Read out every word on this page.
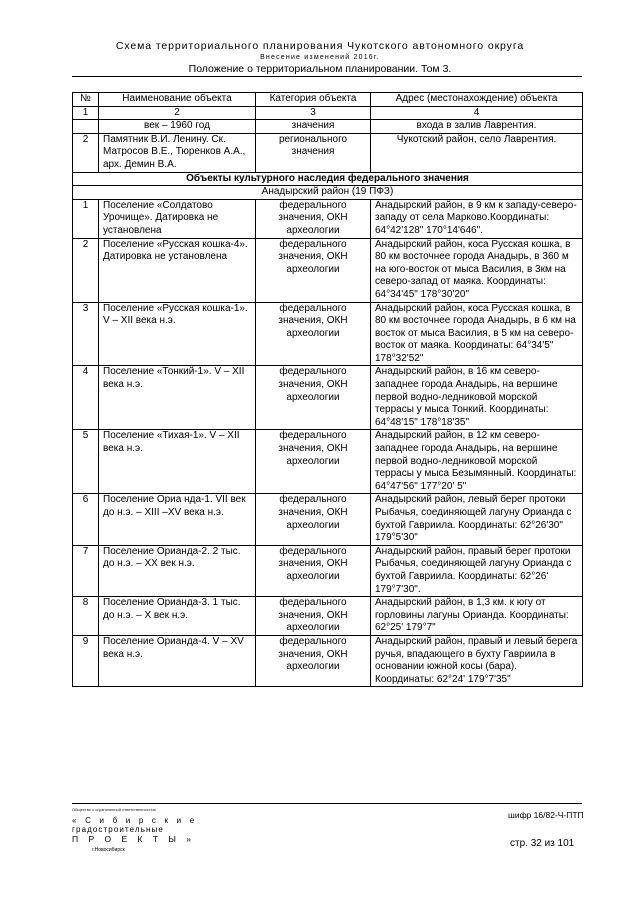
Схема территориального планирования Чукотского автономного округа
Внесение изменений 2016г.
Положение о территориальном планировании. Том 3.
№	Наименование объекта	Категория объекта	Адрес (местонахождение) объекта
1	2	3	4
	век – 1960 год	значения	входа в залив Лаврентия.
2	Памятник В.И. Ленину. Ск. Матросов В.Е., Тюренков А.А., арх. Демин В.А.	регионального значения	Чукотский район, село Лаврентия.
Объекты культурного наследия федерального значения			
Анадырский район (19 ПФЗ)			
1	Поселение «Солдатово Урочище». Датировка не установлена	федерального значения, ОКН археологии	Анадырский район, в 9 км к западу-северо-западу от села Марково.Координаты: 64°42'128" 170°14'646".
2	Поселение «Русская кошка-4». Датировка не установлена	федерального значения, ОКН археологии	Анадырский район, коса Русская кошка, в 80 км восточнее города Анадырь, в 360 м на юго-восток от мыса Василия, в 3км на северо-запад от маяка. Координаты: 64°34'45" 178°30'20"
3	Поселение «Русская кошка-1». V – XII века н.э.	федерального значения, ОКН археологии	Анадырский район, коса Русская кошка, в 80 км восточнее города Анадырь, в 6 км на восток от мыса Василия, в 5 км на северо-восток от маяка. Координаты: 64°34'5" 178°32'52"
4	Поселение «Тонкий-1». V – XII века н.э.	федерального значения, ОКН археологии	Анадырский район, в 16 км северо-западнее города Анадырь, на вершине первой водно-ледниковой морской террасы у мыса Тонкий. Координаты: 64°48'15" 178°18'35"
5	Поселение «Тихая-1». V – XII века н.э.	федерального значения, ОКН археологии	Анадырский район, в 12 км северо-западнее города Анадырь, на вершине первой водно-ледниковой морской террасы у мыса Безымянный. Координаты: 64°47'56" 177°20' 5"
6	Поселение Ориа нда-1. VII век до н.э. – XIII –XV века н.э.	федерального значения, ОКН археологии	Анадырский район, левый берег протоки Рыбачья, соединяющей лагуну Орианда с бухтой Гавриила. Координаты: 62°26'30" 179°5'30"
7	Поселение Орианда-2. 2 тыс. до н.э. – XX век н.э.	федерального значения, ОКН археологии	Анадырский район, правый берег протоки Рыбачья, соединяющей лагуну Орианда с бухтой Гавриила. Координаты: 62°26' 179°7'30".
8	Поселение Орианда-3. 1 тыс. до н.э. – X век н.э.	федерального значения, ОКН археологии	Анадырский район, в 1,3 км. к югу от горловины лагуны Орианда. Координаты: 62°25' 179°7"
9	Поселение Орианда-4. V – XV века н.э.	федерального значения, ОКН археологии	Анадырский район, правый и левый берега ручья, впадающего в бухту Гавриила в основании южной косы (бара). Координаты: 62°24' 179°7'35"
Общество с ограниченной ответственностью
« С и б и р с к и е
градостроительные
П Р О Е К Т Ы »
г.Новосибирск
шифр 16/82-Ч-ПТП
стр. 32 из 101
